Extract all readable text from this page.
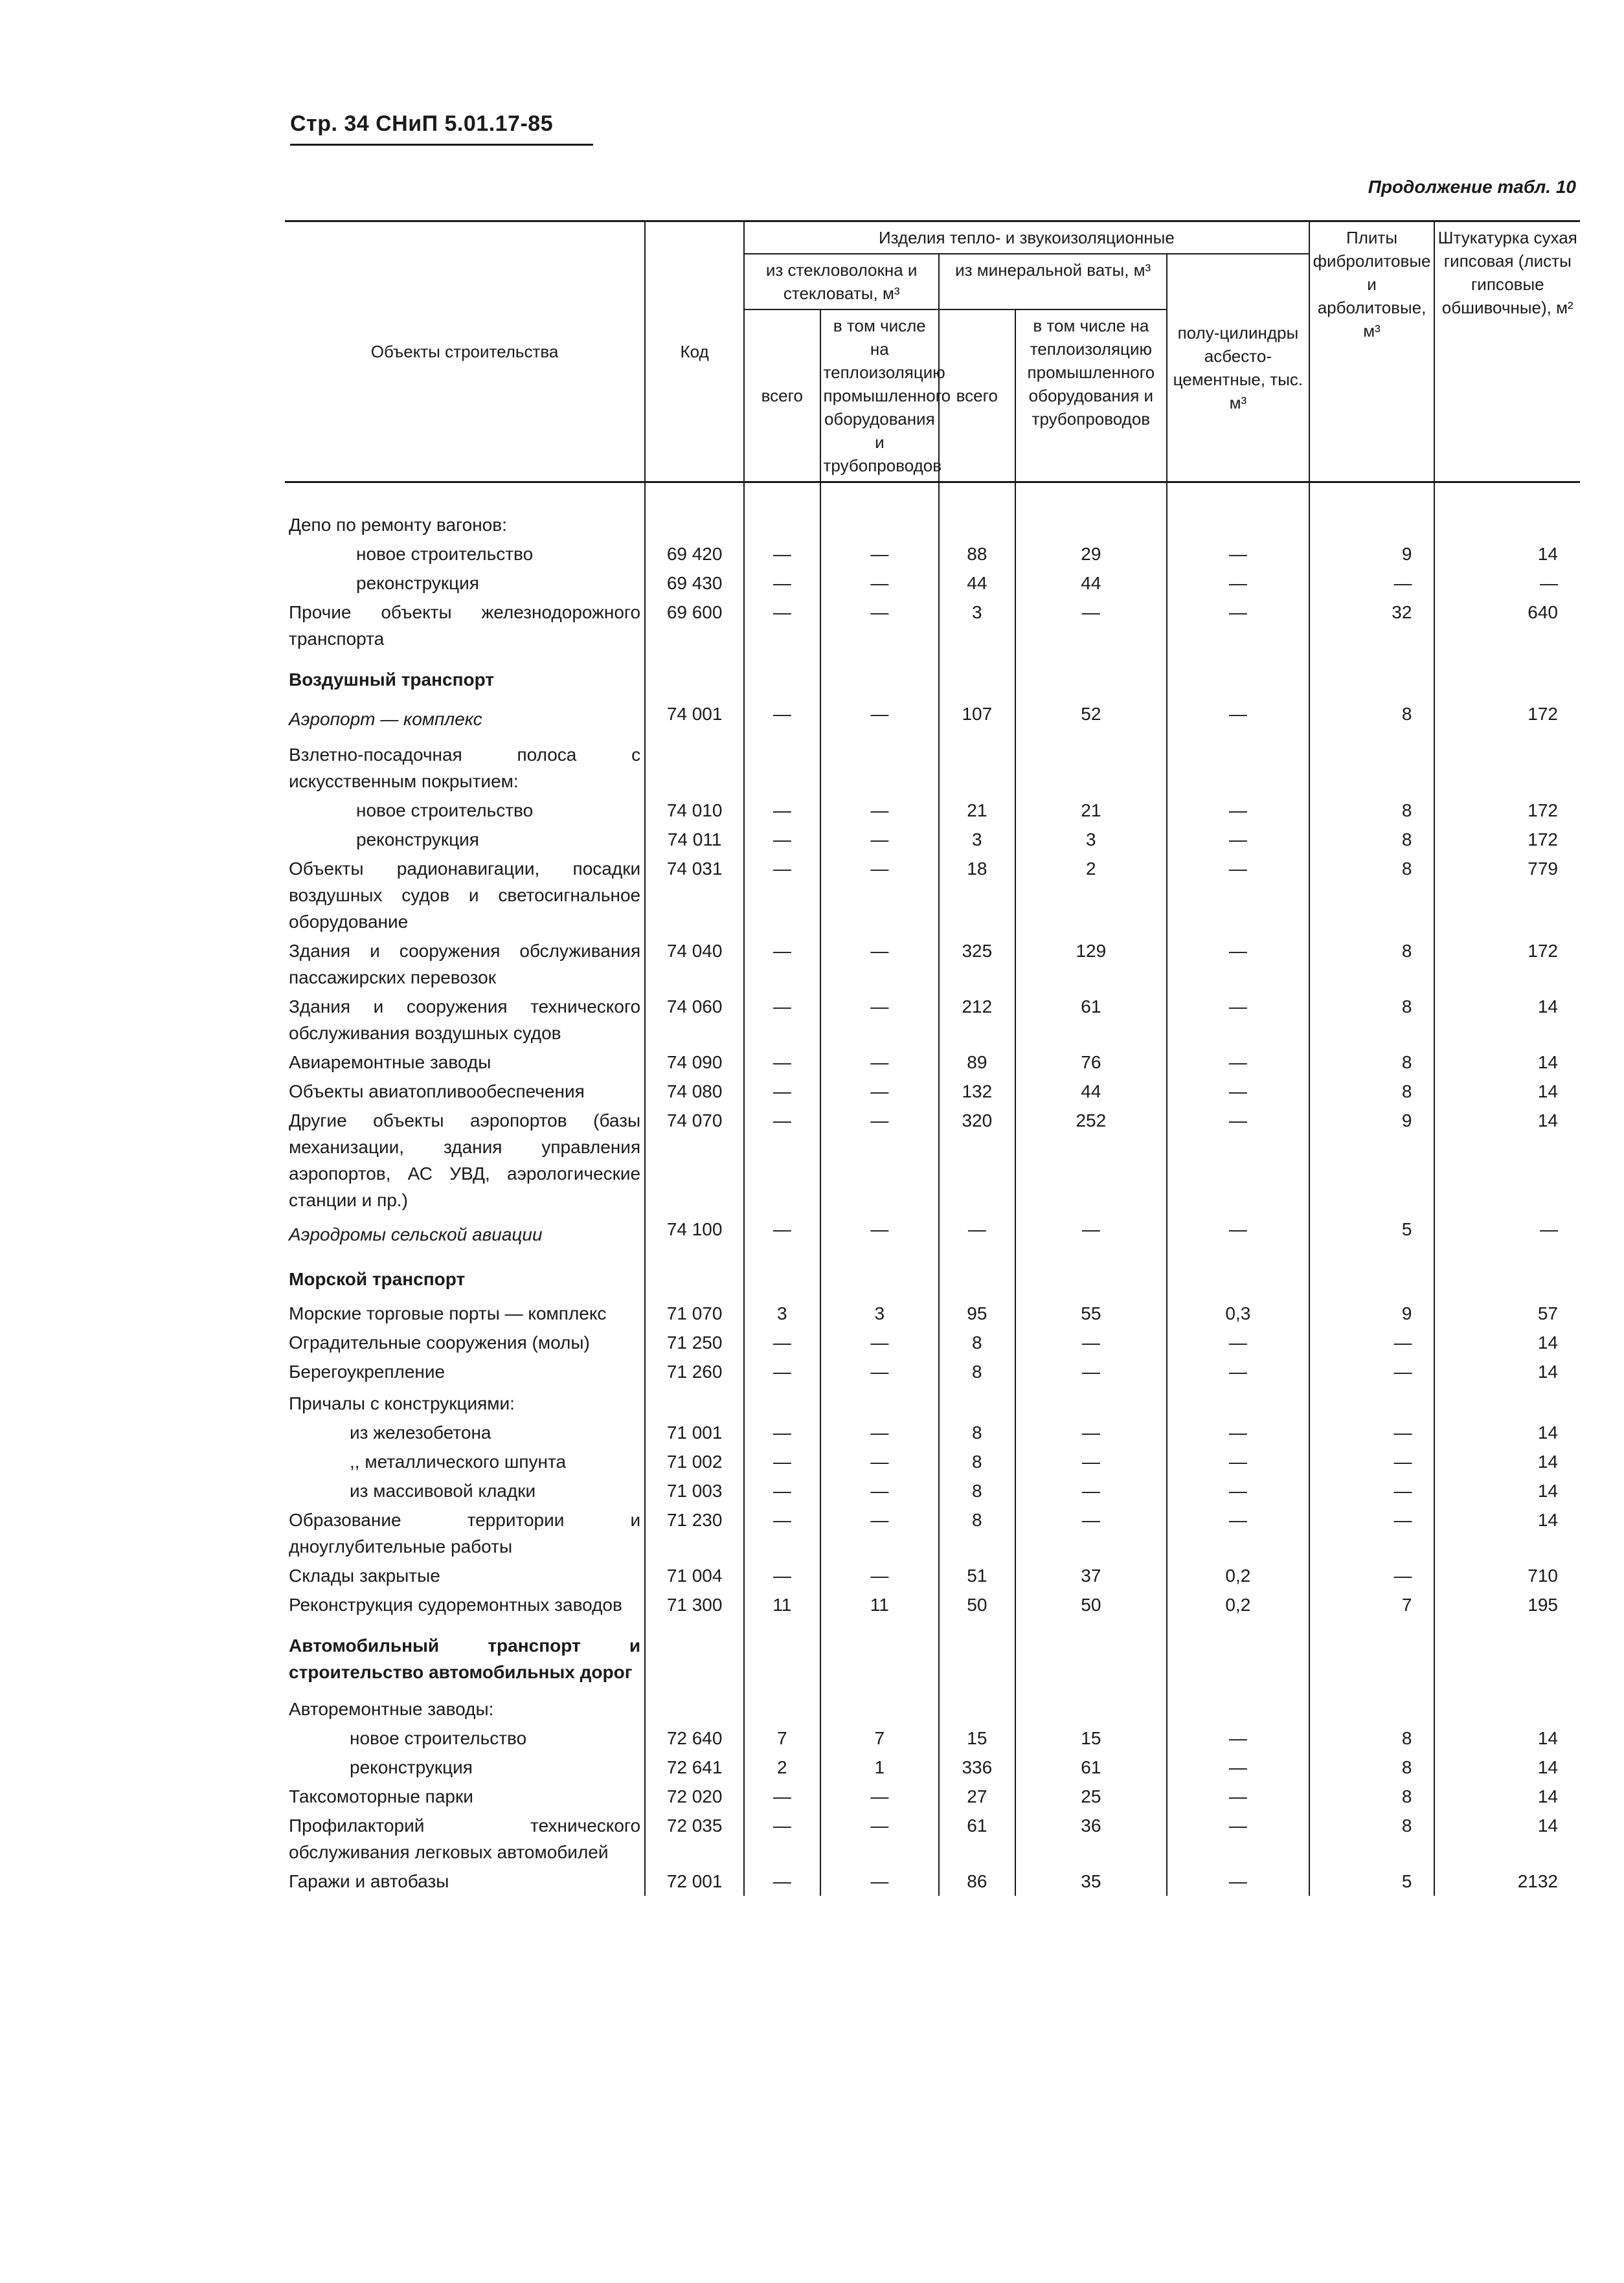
Стр. 34 СНиП 5.01.17-85
Продолжение табл. 10
Объекты строительства	Код	Изделия тепло- и звукоизоляционные					Плиты фибролитовые и арболитовые, м³	Штукатурка сухая гипсовая (листы гипсовые обшивочные), м²
		из стекловолокна и стекловаты, м³		из минеральной ваты, м³		полу-цилиндры асбесто-цементные, тыс. м³		
		всего	в том числе на теплоизоляцию промышленного оборудования и трубопроводов	всего	в том числе на теплоизоляцию промышленного оборудования и трубопроводов			

Депо по ремонту вагонов:								
новое строительство	69 420	—	—	88	29	—	9	14
реконструкция	69 430	—	—	44	44	—	—	—
Прочие объекты железнодорожного транспорта	69 600	—	—	3	—	—	32	640
Воздушный транспорт								
Аэропорт — комплекс	74 001	—	—	107	52	—	8	172
Взлетно-посадочная полоса с искусственным покрытием:								
новое строительство	74 010	—	—	21	21	—	8	172
реконструкция	74 011	—	—	3	3	—	8	172
Объекты радионавигации, посадки воздушных судов и светосигнальное оборудование	74 031	—	—	18	2	—	8	779
Здания и сооружения обслуживания пассажирских перевозок	74 040	—	—	325	129	—	8	172
Здания и сооружения технического обслуживания воздушных судов	74 060	—	—	212	61	—	8	14
Авиаремонтные заводы	74 090	—	—	89	76	—	8	14
Объекты авиатопливообеспечения	74 080	—	—	132	44	—	8	14
Другие объекты аэропортов (базы механизации, здания управления аэропортов, АС УВД, аэрологические станции и пр.)	74 070	—	—	320	252	—	9	14
Аэродромы сельской авиации	74 100	—	—	—	—	—	5	—
Морской транспорт								
Морские торговые порты — комплекс	71 070	3	3	95	55	0,3	9	57
Оградительные сооружения (молы)	71 250	—	—	8	—	—	—	14
Берегоукрепление	71 260	—	—	8	—	—	—	14
Причалы с конструкциями:								
из железобетона	71 001	—	—	8	—	—	—	14
,, металлического шпунта	71 002	—	—	8	—	—	—	14
из массивовой кладки	71 003	—	—	8	—	—	—	14
Образование территории и дноуглубительные работы	71 230	—	—	8	—	—	—	14
Склады закрытые	71 004	—	—	51	37	0,2	—	710
Реконструкция судоремонтных заводов	71 300	11	11	50	50	0,2	7	195
Автомобильный транспорт и строительство автомобильных дорог								
Авторемонтные заводы:								
новое строительство	72 640	7	7	15	15	—	8	14
реконструкция	72 641	2	1	336	61	—	8	14
Таксомоторные парки	72 020	—	—	27	25	—	8	14
Профилакторий технического обслуживания легковых автомобилей	72 035	—	—	61	36	—	8	14
Гаражи и автобазы	72 001	—	—	86	35	—	5	2132
